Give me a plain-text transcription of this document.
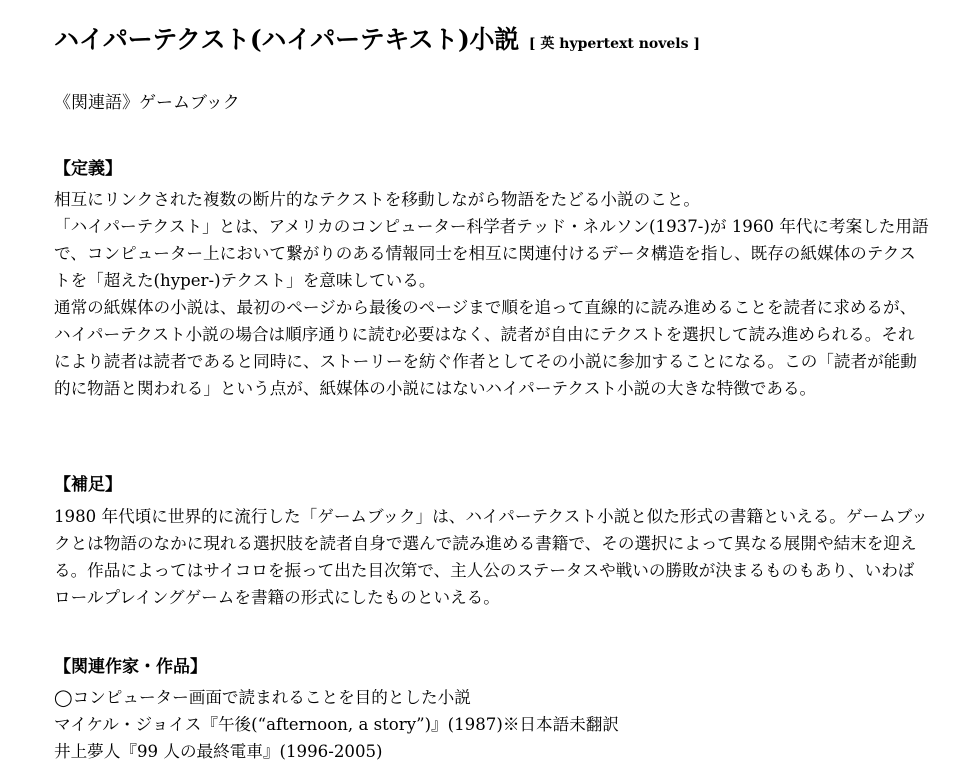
ハイパーテクスト(ハイパーテキスト)小説 [ 英 hypertext novels ]
《関連語》ゲームブック
【定義】

相互にリンクされた複数の断片的なテクストを移動しながら物語をたどる小説のこと。

「ハイパーテクスト」とは、アメリカのコンピューター科学者テッド・ネルソン(1937-)が 1960 年代に考案した用語で、コンピューター上において繋がりのある情報同士を相互に関連付けるデータ構造を指し、既存の紙媒体のテクストを「超えた(hyper-)テクスト」を意味している。

通常の紙媒体の小説は、最初のページから最後のページまで順を追って直線的に読み進めることを読者に求めるが、ハイパーテクスト小説の場合は順序通りに読む必要はなく、読者が自由にテクストを選択して読み進められる。それにより読者は読者であると同時に、ストーリーを紡ぐ作者としてその小説に参加することになる。この「読者が能動的に物語と関われる」という点が、紙媒体の小説にはないハイパーテクスト小説の大きな特徴である。

【補足】

1980 年代頃に世界的に流行した「ゲームブック」は、ハイパーテクスト小説と似た形式の書籍といえる。ゲームブックとは物語のなかに現れる選択肢を読者自身で選んで読み進める書籍で、その選択によって異なる展開や結末を迎える。作品によってはサイコロを振って出た目次第で、主人公のステータスや戦いの勝敗が決まるものもあり、いわばロールプレイングゲームを書籍の形式にしたものといえる。

【関連作家・作品】
◯コンピューター画面で読まれることを目的とした小説
マイケル・ジョイス『午後(“afternoon, a story”)』(1987)※日本語未翻訳
井上夢人『99 人の最終電車』(1996-2005)
